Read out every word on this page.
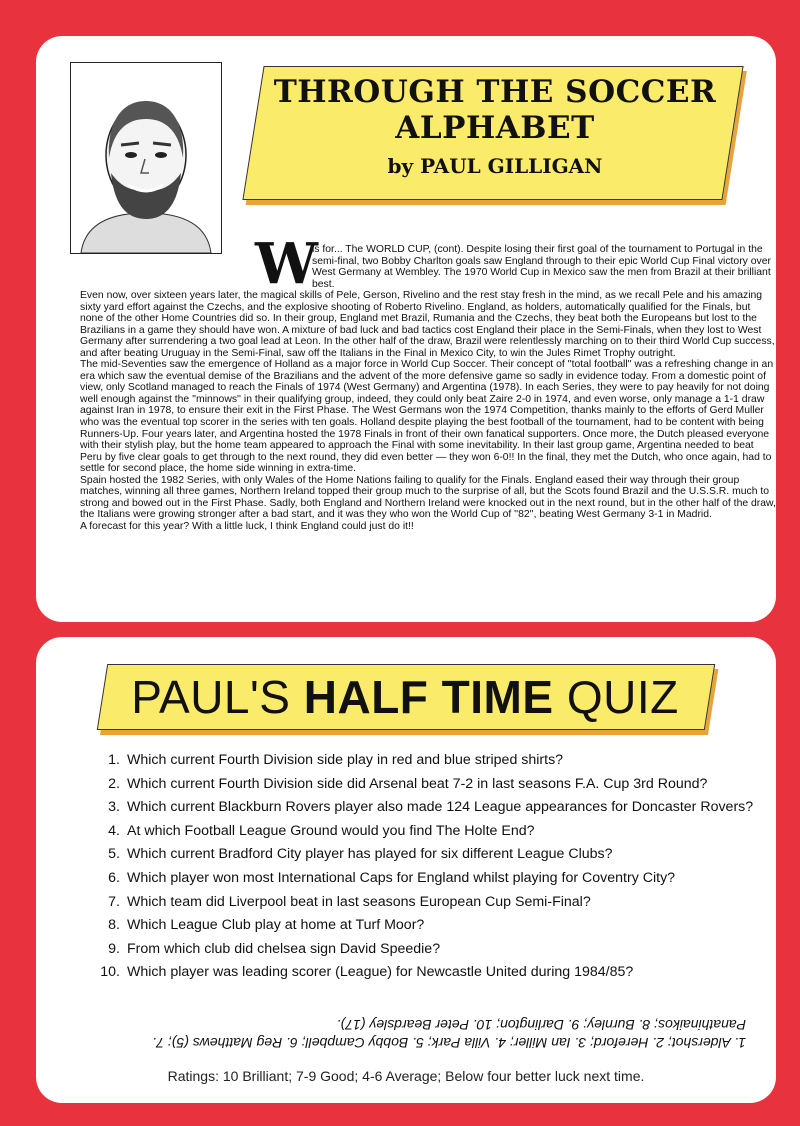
THROUGH THE SOCCER
ALPHABET
by PAUL GILLIGAN
W

is for... The WORLD CUP, (cont). Despite losing their first goal of the tournament to Portugal in the semi-final, two Bobby Charlton goals saw England through to their epic World Cup Final victory over West Germany at Wembley. The 1970 World Cup in Mexico saw the men from Brazil at their brilliant best.

Even now, over sixteen years later, the magical skills of Pele, Gerson, Rivelino and the rest stay fresh in the mind, as we recall Pele and his amazing sixty yard effort against the Czechs, and the explosive shooting of Roberto Rivelino. England, as holders, automatically qualified for the Finals, but none of the other Home Countries did so. In their group, England met Brazil, Rumania and the Czechs, they beat both the Europeans but lost to the Brazilians in a game they should have won. A mixture of bad luck and bad tactics cost England their place in the Semi-Finals, when they lost to West Germany after surrendering a two goal lead at Leon. In the other half of the draw, Brazil were relentlessly marching on to their third World Cup success, and after beating Uruguay in the Semi-Final, saw off the Italians in the Final in Mexico City, to win the Jules Rimet Trophy outright.

The mid-Seventies saw the emergence of Holland as a major force in World Cup Soccer. Their concept of ''total football'' was a refreshing change in an era which saw the eventual demise of the Brazilians and the advent of the more defensive game so sadly in evidence today. From a domestic point of view, only Scotland managed to reach the Finals of 1974 (West Germany) and Argentina (1978). In each Series, they were to pay heavily for not doing well enough against the ''minnows'' in their qualifying group, indeed, they could only beat Zaire 2-0 in 1974, and even worse, only manage a 1-1 draw against Iran in 1978, to ensure their exit in the First Phase. The West Germans won the 1974 Competition, thanks mainly to the efforts of Gerd Muller who was the eventual top scorer in the series with ten goals. Holland despite playing the best football of the tournament, had to be content with being Runners-Up. Four years later, and Argentina hosted the 1978 Finals in front of their own fanatical supporters. Once more, the Dutch pleased everyone with their stylish play, but the home team appeared to approach the Final with some inevitability. In their last group game, Argentina needed to beat Peru by five clear goals to get through to the next round, they did even better — they won 6-0!! In the final, they met the Dutch, who once again, had to settle for second place, the home side winning in extra-time.

Spain hosted the 1982 Series, with only Wales of the Home Nations failing to qualify for the Finals. England eased their way through their group matches, winning all three games, Northern Ireland topped their group much to the surprise of all, but the Scots found Brazil and the U.S.S.R. much to strong and bowed out in the First Phase. Sadly, both England and Northern Ireland were knocked out in the next round, but in the other half of the draw, the Italians were growing stronger after a bad start, and it was they who won the World Cup of ''82'', beating West Germany 3-1 in Madrid.

A forecast for this year? With a little luck, I think England could just do it!!

PAUL'S HALF TIME QUIZ
1. Which current Fourth Division side play in red and blue striped shirts?
2. Which current Fourth Division side did Arsenal beat 7-2 in last seasons F.A. Cup 3rd Round?
3. Which current Blackburn Rovers player also made 124 League appearances for Doncaster Rovers?
4. At which Football League Ground would you find The Holte End?
5. Which current Bradford City player has played for six different League Clubs?
6. Which player won most International Caps for England whilst playing for Coventry City?
7. Which team did Liverpool beat in last seasons European Cup Semi-Final?
8. Which League Club play at home at Turf Moor?
9. From which club did chelsea sign David Speedie?
10. Which player was leading scorer (League) for Newcastle United during 1984/85?
1. Aldershot; 2. Hereford; 3. Ian Miller; 4. Villa Park; 5. Bobby Campbell; 6. Reg Matthews (5); 7. Panathinaikos; 8. Burnley; 9. Darlington; 10. Peter Beardsley (17).
Ratings: 10 Brilliant; 7-9 Good; 4-6 Average; Below four better luck next time.
